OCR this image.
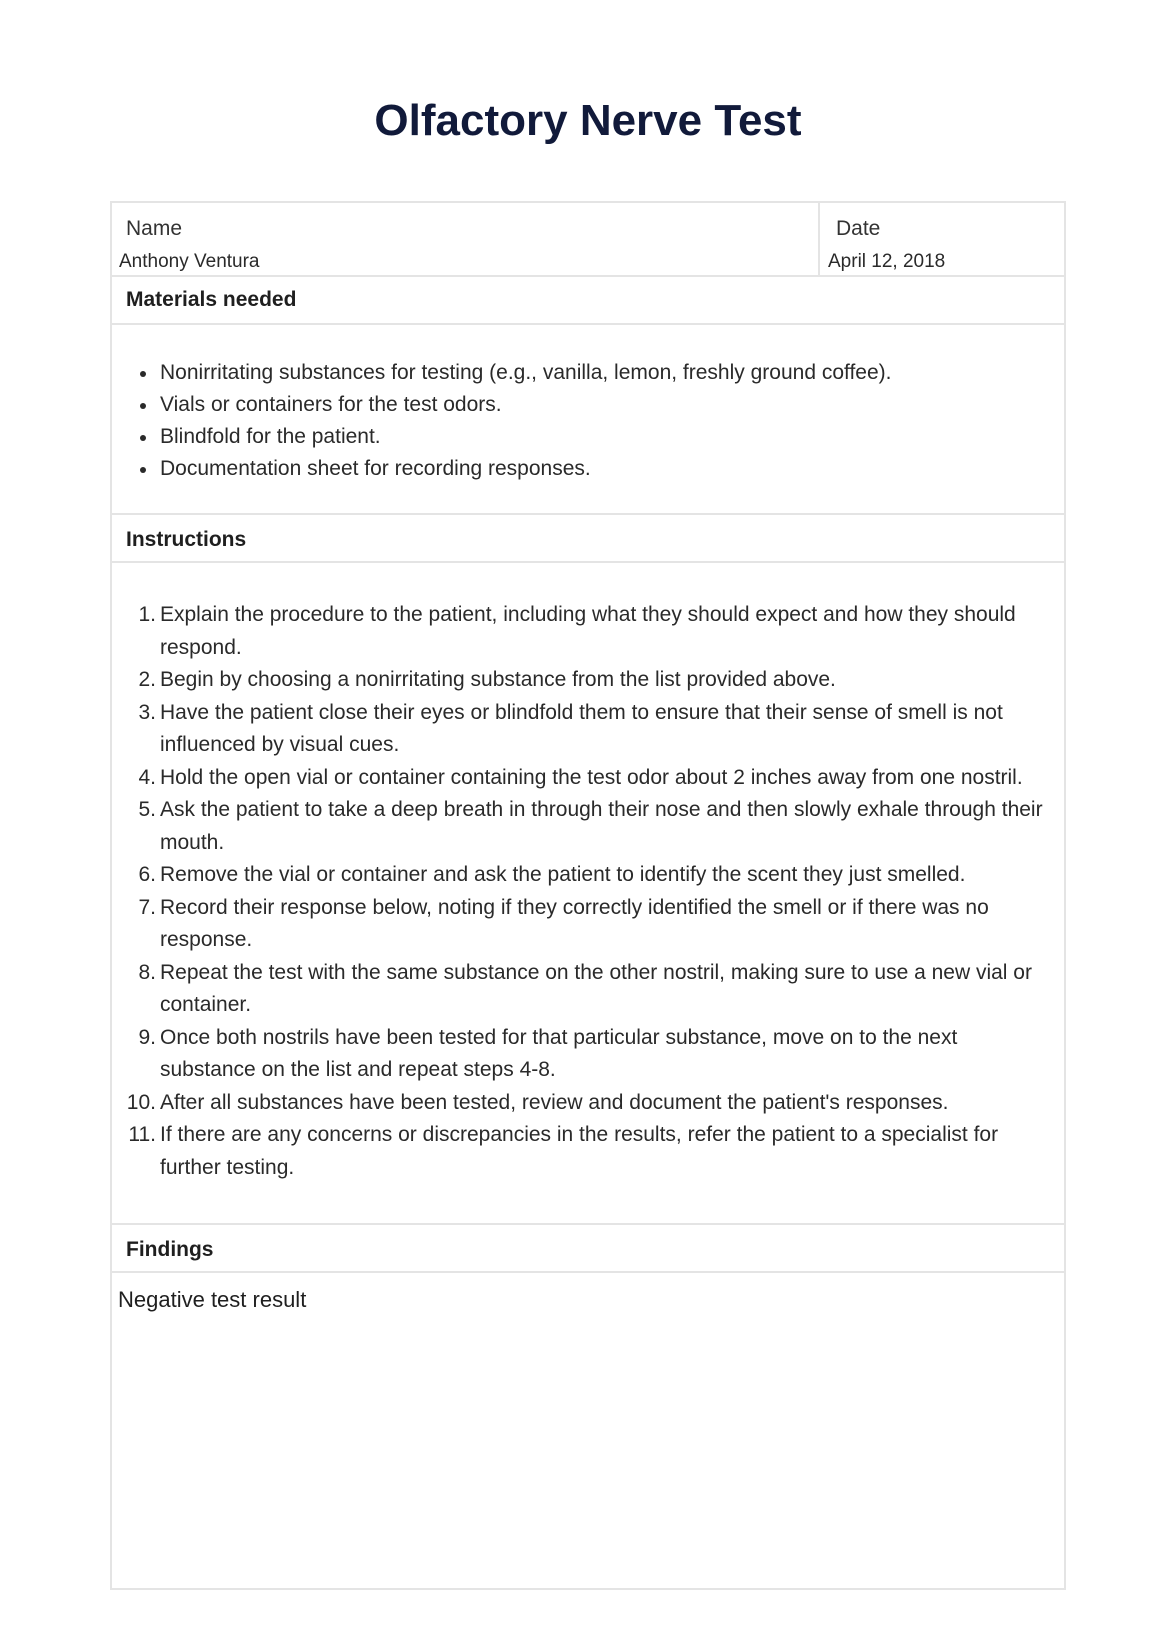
Olfactory Nerve Test
Name
Anthony Ventura
Date
April 12, 2018
Materials needed
Nonirritating substances for testing (e.g., vanilla, lemon, freshly ground coffee).
Vials or containers for the test odors.
Blindfold for the patient.
Documentation sheet for recording responses.
Instructions
1. Explain the procedure to the patient, including what they should expect and how they should respond.
2. Begin by choosing a nonirritating substance from the list provided above.
3. Have the patient close their eyes or blindfold them to ensure that their sense of smell is not influenced by visual cues.
4. Hold the open vial or container containing the test odor about 2 inches away from one nostril.
5. Ask the patient to take a deep breath in through their nose and then slowly exhale through their mouth.
6. Remove the vial or container and ask the patient to identify the scent they just smelled.
7. Record their response below, noting if they correctly identified the smell or if there was no response.
8. Repeat the test with the same substance on the other nostril, making sure to use a new vial or container.
9. Once both nostrils have been tested for that particular substance, move on to the next substance on the list and repeat steps 4-8.
10. After all substances have been tested, review and document the patient's responses.
11. If there are any concerns or discrepancies in the results, refer the patient to a specialist for further testing.
Findings
Negative test result
